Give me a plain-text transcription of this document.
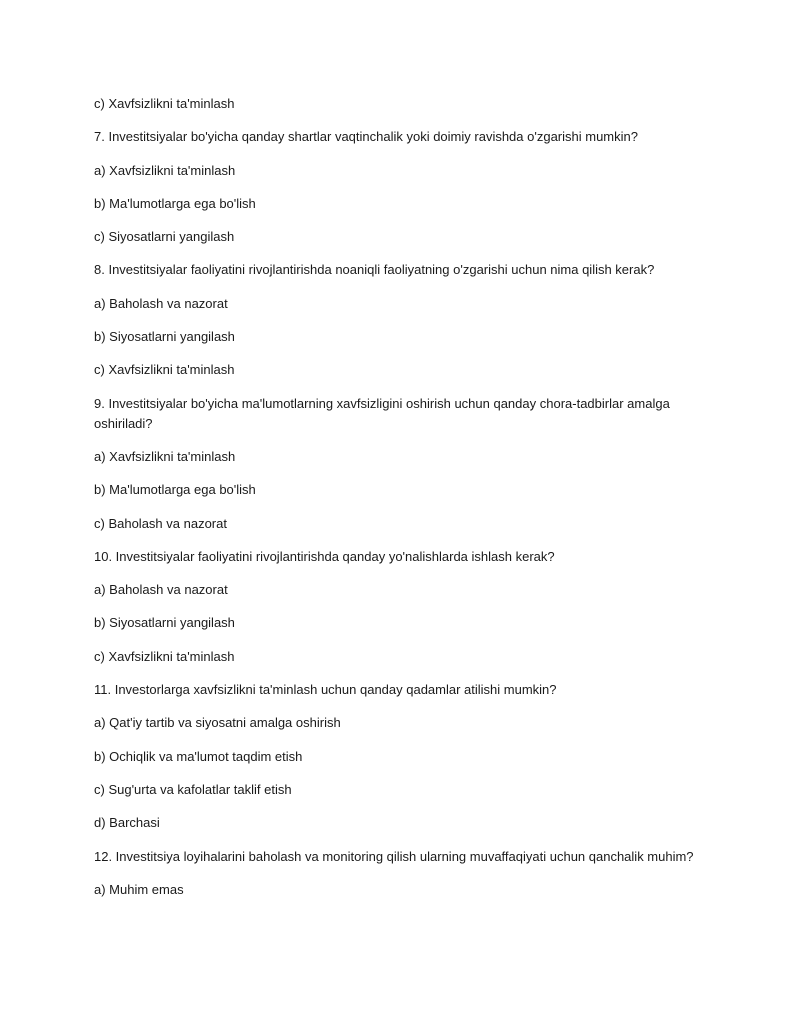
c) Xavfsizlikni ta'minlash

7. Investitsiyalar bo'yicha qanday shartlar vaqtinchalik yoki doimiy ravishda o'zgarishi mumkin?

a) Xavfsizlikni ta'minlash

b) Ma'lumotlarga ega bo'lish

c) Siyosatlarni yangilash

8. Investitsiyalar faoliyatini rivojlantirishda noaniqli faoliyatning o'zgarishi uchun nima qilish kerak?

a) Baholash va nazorat

b) Siyosatlarni yangilash

c) Xavfsizlikni ta'minlash

9. Investitsiyalar bo'yicha ma'lumotlarning xavfsizligini oshirish uchun qanday chora-tadbirlar amalga oshiriladi?

a) Xavfsizlikni ta'minlash

b) Ma'lumotlarga ega bo'lish

c) Baholash va nazorat

10. Investitsiyalar faoliyatini rivojlantirishda qanday yo'nalishlarda ishlash kerak?

a) Baholash va nazorat

b) Siyosatlarni yangilash

c) Xavfsizlikni ta'minlash

11. Investorlarga xavfsizlikni ta'minlash uchun qanday qadamlar atilishi mumkin?

a) Qat'iy tartib va siyosatni amalga oshirish

b) Ochiqlik va ma'lumot taqdim etish

c) Sug'urta va kafolatlar taklif etish

d) Barchasi

12. Investitsiya loyihalarini baholash va monitoring qilish ularning muvaffaqiyati uchun qanchalik muhim?

a) Muhim emas
